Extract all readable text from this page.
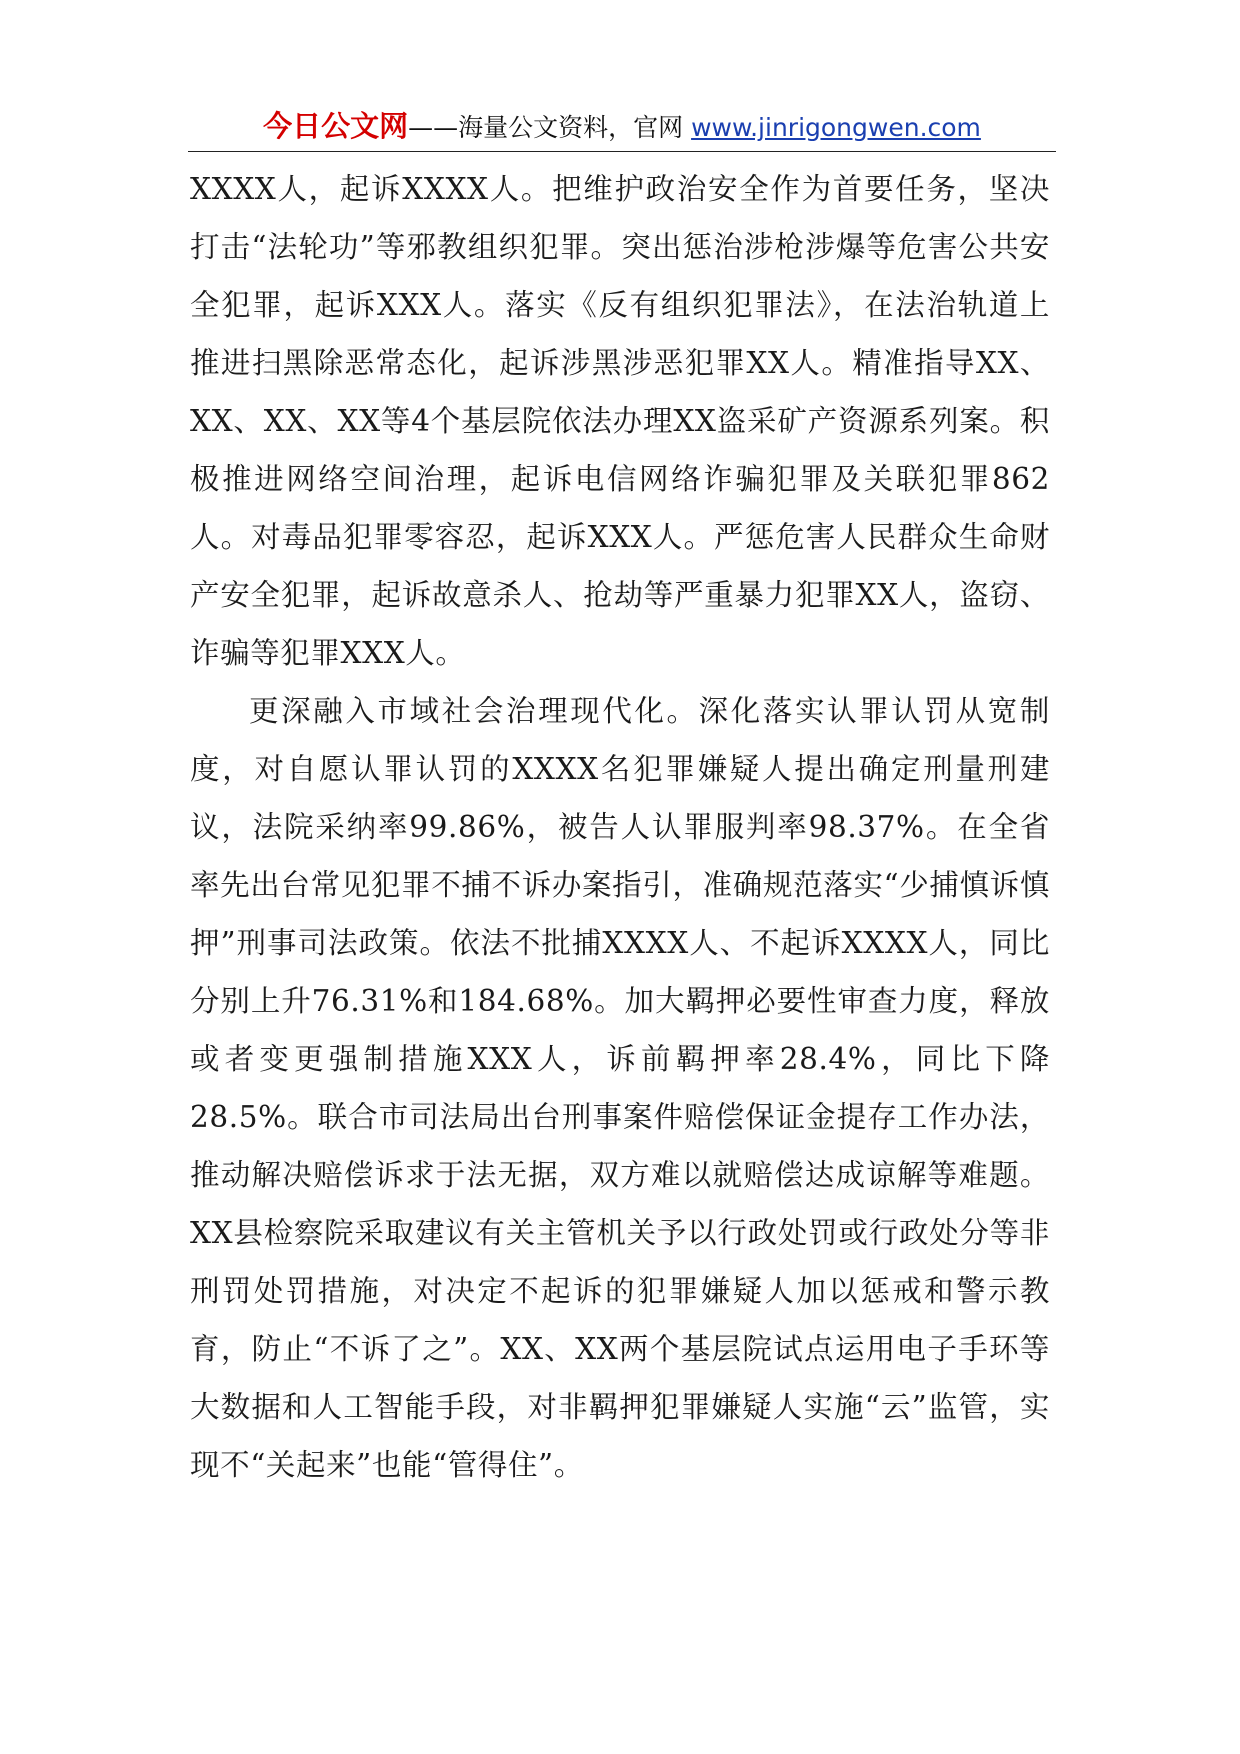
今日公文网——海量公文资料，官网 www.jinrigongwen.com

XXXX人，起诉XXXX人。把维护政治安全作为首要任务，坚决打击“法轮功”等邪教组织犯罪。突出惩治涉枪涉爆等危害公共安全犯罪，起诉XXX人。落实《反有组织犯罪法》，在法治轨道上推进扫黑除恶常态化，起诉涉黑涉恶犯罪XX人。精准指导XX、XX、XX、XX等4个基层院依法办理XX盗采矿产资源系列案。积极推进网络空间治理，起诉电信网络诈骗犯罪及关联犯罪862人。对毒品犯罪零容忍，起诉XXX人。严惩危害人民群众生命财产安全犯罪，起诉故意杀人、抢劫等严重暴力犯罪XX人，盗窃、诈骗等犯罪XXX人。

更深融入市域社会治理现代化。深化落实认罪认罚从宽制度，对自愿认罪认罚的XXXX名犯罪嫌疑人提出确定刑量刑建议，法院采纳率99.86%，被告人认罪服判率98.37%。在全省率先出台常见犯罪不捕不诉办案指引，准确规范落实“少捕慎诉慎押”刑事司法政策。依法不批捕XXXX人、不起诉XXXX人，同比分别上升76.31%和184.68%。加大羁押必要性审查力度，释放或者变更强制措施XXX人，诉前羁押率28.4%，同比下降28.5%。联合市司法局出台刑事案件赔偿保证金提存工作办法，推动解决赔偿诉求于法无据，双方难以就赔偿达成谅解等难题。XX县检察院采取建议有关主管机关予以行政处罚或行政处分等非刑罚处罚措施，对决定不起诉的犯罪嫌疑人加以惩戒和警示教育，防止“不诉了之”。XX、XX两个基层院试点运用电子手环等大数据和人工智能手段，对非羁押犯罪嫌疑人实施“云”监管，实现不“关起来”也能“管得住”。
